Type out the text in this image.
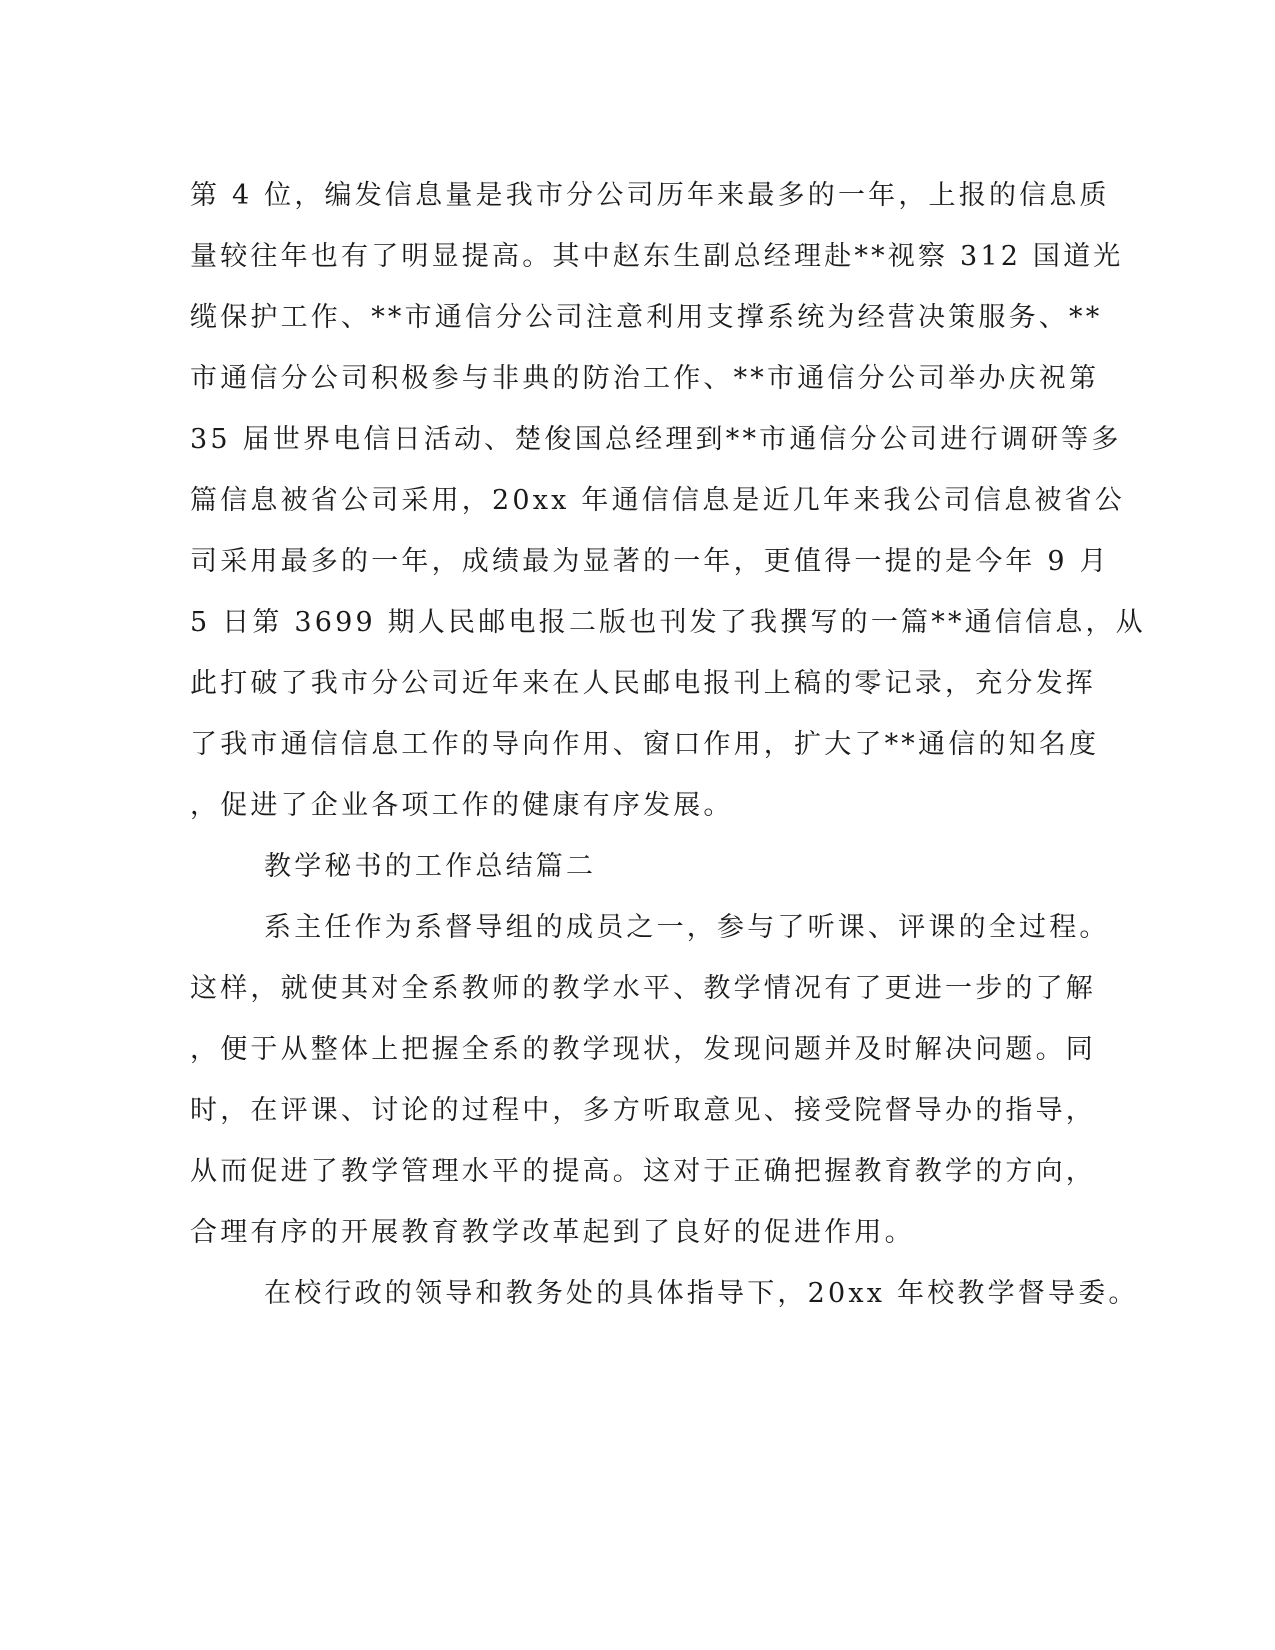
第 4 位，编发信息量是我市分公司历年来最多的一年，上报的信息质
量较往年也有了明显提高。其中赵东生副总经理赴**视察 312 国道光
缆保护工作、**市通信分公司注意利用支撑系统为经营决策服务、**
市通信分公司积极参与非典的防治工作、**市通信分公司举办庆祝第
35 届世界电信日活动、楚俊国总经理到**市通信分公司进行调研等多
篇信息被省公司采用，20xx 年通信信息是近几年来我公司信息被省公
司采用最多的一年，成绩最为显著的一年，更值得一提的是今年 9 月
5 日第 3699 期人民邮电报二版也刊发了我撰写的一篇**通信信息，从
此打破了我市分公司近年来在人民邮电报刊上稿的零记录，充分发挥
了我市通信信息工作的导向作用、窗口作用，扩大了**通信的知名度
，促进了企业各项工作的健康有序发展。
教学秘书的工作总结篇二
系主任作为系督导组的成员之一，参与了听课、评课的全过程。
这样，就使其对全系教师的教学水平、教学情况有了更进一步的了解
，便于从整体上把握全系的教学现状，发现问题并及时解决问题。同
时，在评课、讨论的过程中，多方听取意见、接受院督导办的指导，
从而促进了教学管理水平的提高。这对于正确把握教育教学的方向，
合理有序的开展教育教学改革起到了良好的促进作用。
在校行政的领导和教务处的具体指导下，20xx 年校教学督导委。
